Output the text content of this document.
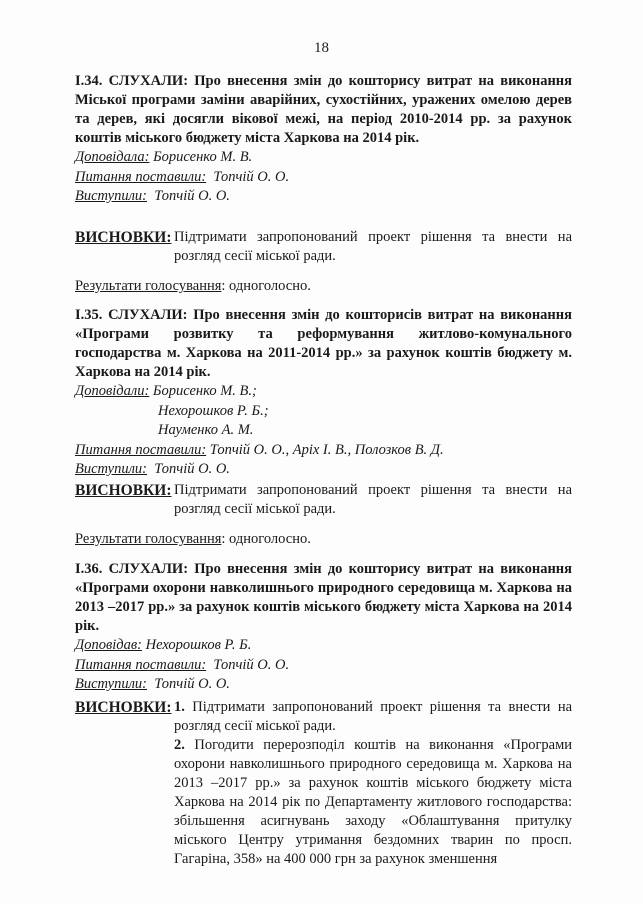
18
І.34. СЛУХАЛИ: Про внесення змін до кошторису витрат на виконання Міської програми заміни аварійних, сухостійних, уражених омелою дерев та дерев, які досягли вікової межі, на період 2010-2014 рр. за рахунок коштів міського бюджету міста Харкова на 2014 рік.
Доповідала: Борисенко М. В.
Питання поставили: Топчій О. О.
Виступили: Топчій О. О.
ВИСНОВКИ: Підтримати запропонований проект рішення та внести на розгляд сесії міської ради.
Результати голосування: одноголосно.
І.35. СЛУХАЛИ: Про внесення змін до кошторисів витрат на виконання «Програми розвитку та реформування житлово-комунального господарства м. Харкова на 2011-2014 рр.» за рахунок коштів бюджету м. Харкова на 2014 рік.
Доповідали: Борисенко М. В.;
Нехорошков Р. Б.;
Науменко А. М.
Питання поставили: Топчій О. О., Аріх І. В., Полозков В. Д.
Виступили: Топчій О. О.
ВИСНОВКИ: Підтримати запропонований проект рішення та внести на розгляд сесії міської ради.
Результати голосування: одноголосно.
І.36. СЛУХАЛИ: Про внесення змін до кошторису витрат на виконання «Програми охорони навколишнього природного середовища м. Харкова на 2013 –2017 рр.» за рахунок коштів міського бюджету міста Харкова на 2014 рік.
Доповідав: Нехорошков Р. Б.
Питання поставили: Топчій О. О.
Виступили: Топчій О. О.
ВИСНОВКИ: 1. Підтримати запропонований проект рішення та внести на розгляд сесії міської ради.
2. Погодити перерозподіл коштів на виконання «Програми охорони навколишнього природного середовища м. Харкова на 2013 –2017 рр.» за рахунок коштів міського бюджету міста Харкова на 2014 рік по Департаменту житлового господарства: збільшення асигнувань заходу «Облаштування притулку міського Центру утримання бездомних тварин по просп. Гагаріна, 358» на 400 000 грн за рахунок зменшення
